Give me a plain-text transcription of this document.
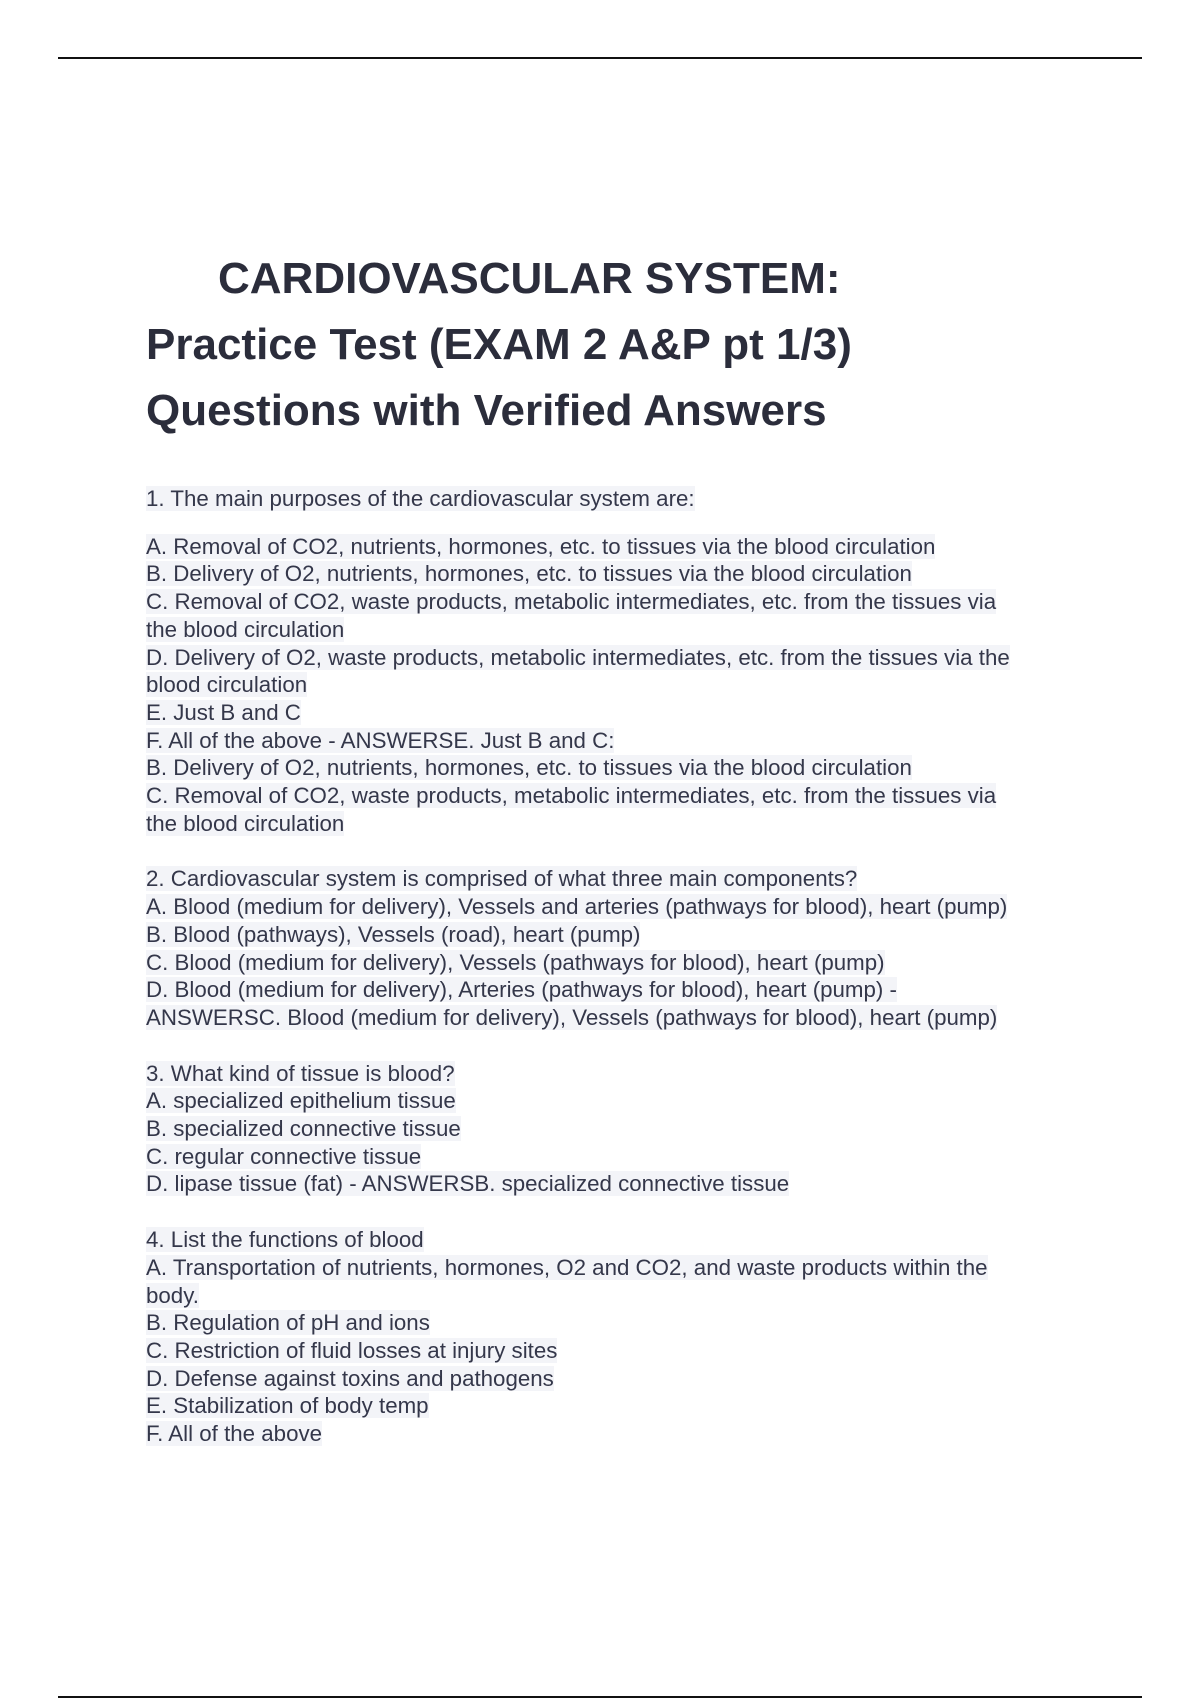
CARDIOVASCULAR SYSTEM:
Practice Test (EXAM 2 A&P pt 1/3)
Questions with Verified Answers
1. The main purposes of the cardiovascular system are:
A. Removal of CO2, nutrients, hormones, etc. to tissues via the blood circulation
B. Delivery of O2, nutrients, hormones, etc. to tissues via the blood circulation
C. Removal of CO2, waste products, metabolic intermediates, etc. from the tissues via
the blood circulation
D. Delivery of O2, waste products, metabolic intermediates, etc. from the tissues via the
blood circulation
E. Just B and C
F. All of the above - ANSWERSE. Just B and C:
B. Delivery of O2, nutrients, hormones, etc. to tissues via the blood circulation
C. Removal of CO2, waste products, metabolic intermediates, etc. from the tissues via
the blood circulation
2. Cardiovascular system is comprised of what three main components?
A. Blood (medium for delivery), Vessels and arteries (pathways for blood), heart (pump)
B. Blood (pathways), Vessels (road), heart (pump)
C. Blood (medium for delivery), Vessels (pathways for blood), heart (pump)
D. Blood (medium for delivery), Arteries (pathways for blood), heart (pump) -
ANSWERSC. Blood (medium for delivery), Vessels (pathways for blood), heart (pump)
3. What kind of tissue is blood?
A. specialized epithelium tissue
B. specialized connective tissue
C. regular connective tissue
D. lipase tissue (fat) - ANSWERSB. specialized connective tissue
4. List the functions of blood
A. Transportation of nutrients, hormones, O2 and CO2, and waste products within the
body.
B. Regulation of pH and ions
C. Restriction of fluid losses at injury sites
D. Defense against toxins and pathogens
E. Stabilization of body temp
F. All of the above
